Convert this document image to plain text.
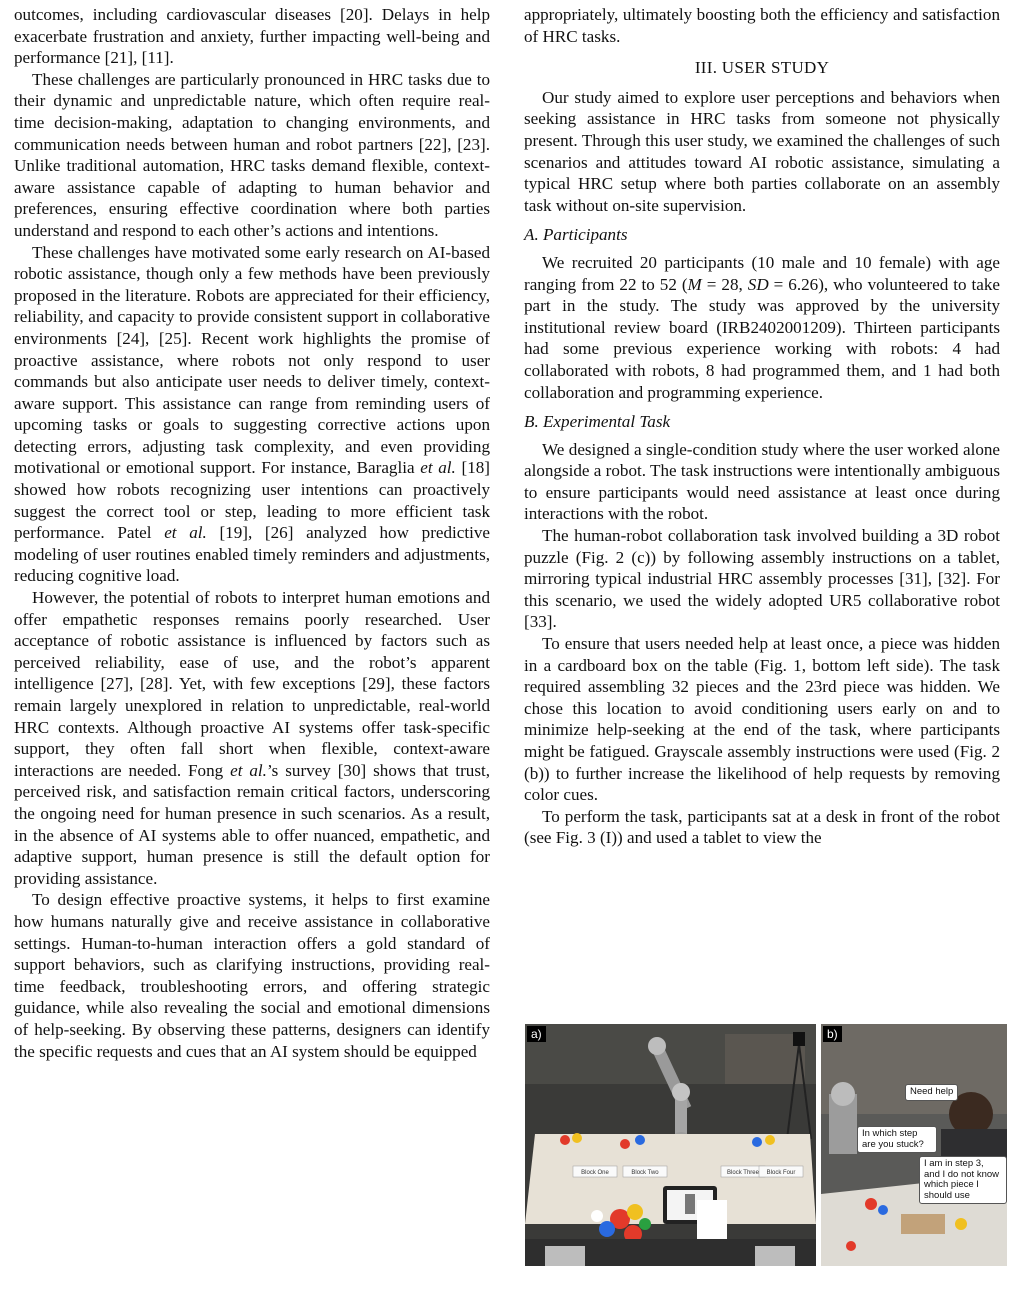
outcomes, including cardiovascular diseases [20]. Delays in help exacerbate frustration and anxiety, further impacting well-being and performance [21], [11].

These challenges are particularly pronounced in HRC tasks due to their dynamic and unpredictable nature, which often require real-time decision-making, adaptation to changing environments, and communication needs between human and robot partners [22], [23]. Unlike traditional automation, HRC tasks demand flexible, context-aware assistance capable of adapting to human behavior and preferences, ensuring effective coordination where both parties understand and respond to each other’s actions and intentions.

These challenges have motivated some early research on AI-based robotic assistance, though only a few methods have been previously proposed in the literature. Robots are appreciated for their efficiency, reliability, and capacity to provide consistent support in collaborative environments [24], [25]. Recent work highlights the promise of proactive assistance, where robots not only respond to user commands but also anticipate user needs to deliver timely, context-aware support. This assistance can range from reminding users of upcoming tasks or goals to suggesting corrective actions upon detecting errors, adjusting task complexity, and even providing motivational or emotional support. For instance, Baraglia et al. [18] showed how robots recognizing user intentions can proactively suggest the correct tool or step, leading to more efficient task performance. Patel et al. [19], [26] analyzed how predictive modeling of user routines enabled timely reminders and adjustments, reducing cognitive load.

However, the potential of robots to interpret human emotions and offer empathetic responses remains poorly researched. User acceptance of robotic assistance is influenced by factors such as perceived reliability, ease of use, and the robot’s apparent intelligence [27], [28]. Yet, with few exceptions [29], these factors remain largely unexplored in relation to unpredictable, real-world HRC contexts. Although proactive AI systems offer task-specific support, they often fall short when flexible, context-aware interactions are needed. Fong et al.’s survey [30] shows that trust, perceived risk, and satisfaction remain critical factors, underscoring the ongoing need for human presence in such scenarios. As a result, in the absence of AI systems able to offer nuanced, empathetic, and adaptive support, human presence is still the default option for providing assistance.

To design effective proactive systems, it helps to first examine how humans naturally give and receive assistance in collaborative settings. Human-to-human interaction offers a gold standard of support behaviors, such as clarifying instructions, providing real-time feedback, troubleshooting errors, and offering strategic guidance, while also revealing the social and emotional dimensions of help-seeking. By observing these patterns, designers can identify the specific requests and cues that an AI system should be equipped

appropriately, ultimately boosting both the efficiency and satisfaction of HRC tasks.

III. USER STUDY

Our study aimed to explore user perceptions and behaviors when seeking assistance in HRC tasks from someone not physically present. Through this user study, we examined the challenges of such scenarios and attitudes toward AI robotic assistance, simulating a typical HRC setup where both parties collaborate on an assembly task without on-site supervision.

A. Participants

We recruited 20 participants (10 male and 10 female) with age ranging from 22 to 52 (M = 28, SD = 6.26), who volunteered to take part in the study. The study was approved by the university institutional review board (IRB2402001209). Thirteen participants had some previous experience working with robots: 4 had collaborated with robots, 8 had programmed them, and 1 had both collaboration and programming experience.

B. Experimental Task

We designed a single-condition study where the user worked alone alongside a robot. The task instructions were intentionally ambiguous to ensure participants would need assistance at least once during interactions with the robot.

The human-robot collaboration task involved building a 3D robot puzzle (Fig. 2 (c)) by following assembly instructions on a tablet, mirroring typical industrial HRC assembly processes [31], [32]. For this scenario, we used the widely adopted UR5 collaborative robot [33].

To ensure that users needed help at least once, a piece was hidden in a cardboard box on the table (Fig. 1, bottom left side). The task required assembling 32 pieces and the 23rd piece was hidden. We chose this location to avoid conditioning users early on and to minimize help-seeking at the end of the task, where participants might be fatigued. Grayscale assembly instructions were used (Fig. 2 (b)) to further increase the likelihood of help requests by removing color cues.

To perform the task, participants sat at a desk in front of the robot (see Fig. 3 (I)) and used a tablet to view the

Block One	Block Two	Block Three Block Four
a)	b)
Need help
In which step are you stuck?
I am in step 3, and I do not know which piece I should use
